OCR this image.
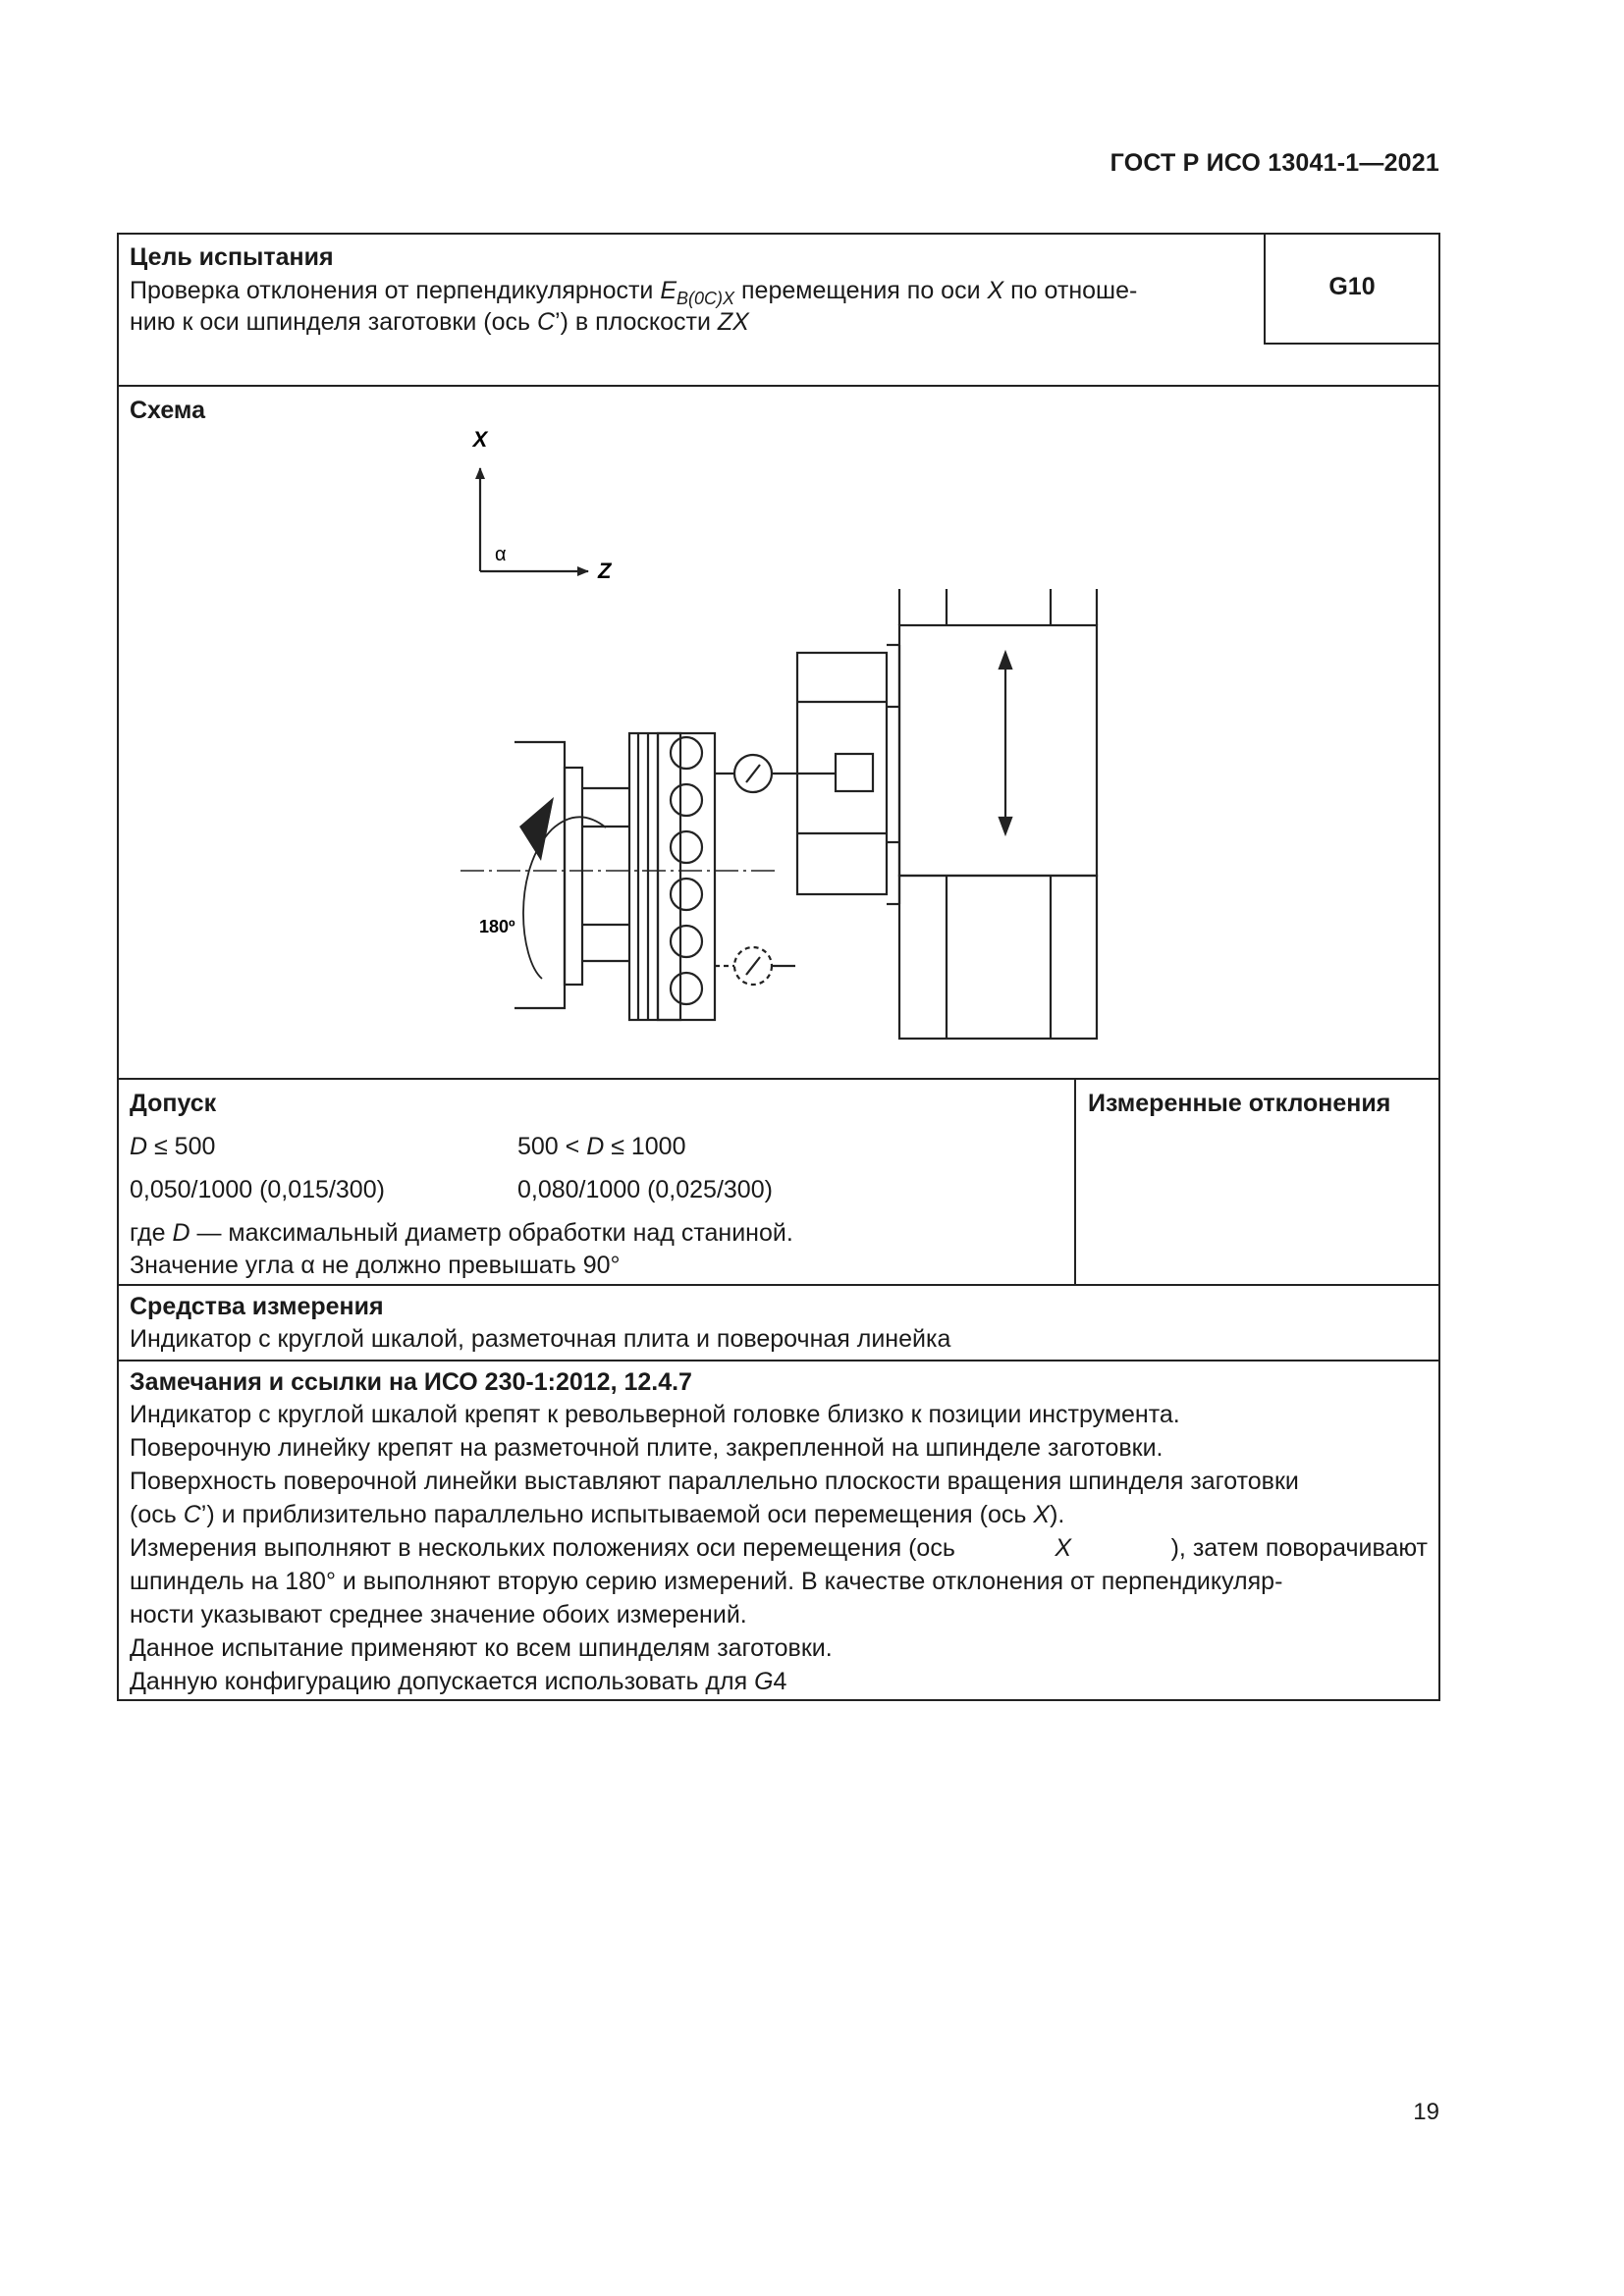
ГОСТ Р ИСО 13041-1—2021
Цель испытания
Проверка отклонения от перпендикулярности $E_{B(0C)X}$ перемещения по оси X по отноше-
нию к оси шпинделя заготовки (ось C’) в плоскости ZX
G10
Схема
X
Z
α
180º
Допуск	Измеренные отклонения
D ≤ 500	500 < D ≤ 1000
0,050/1000 (0,015/300)	0,080/1000 (0,025/300)
где D — максимальный диаметр обработки над станиной.
Значение угла α не должно превышать 90°
Средства измерения
Индикатор с круглой шкалой, разметочная плита и поверочная линейка
Замечания и ссылки на ИСО 230-1:2012, 12.4.7
Индикатор с круглой шкалой крепят к револьверной головке близко к позиции инструмента.
Поверочную линейку крепят на разметочной плите, закрепленной на шпинделе заготовки.
Поверхность поверочной линейки выставляют параллельно плоскости вращения шпинделя заготовки
(ось C’) и приблизительно параллельно испытываемой оси перемещения (ось X).
Измерения выполняют в нескольких положениях оси перемещения (ось	X	), затем поворачивают
шпиндель на 180° и выполняют вторую серию измерений. В качестве отклонения от перпендикуляр-
ности указывают среднее значение обоих измерений.
Данное испытание применяют ко всем шпинделям заготовки.
Данную конфигурацию допускается использовать для G4
19
